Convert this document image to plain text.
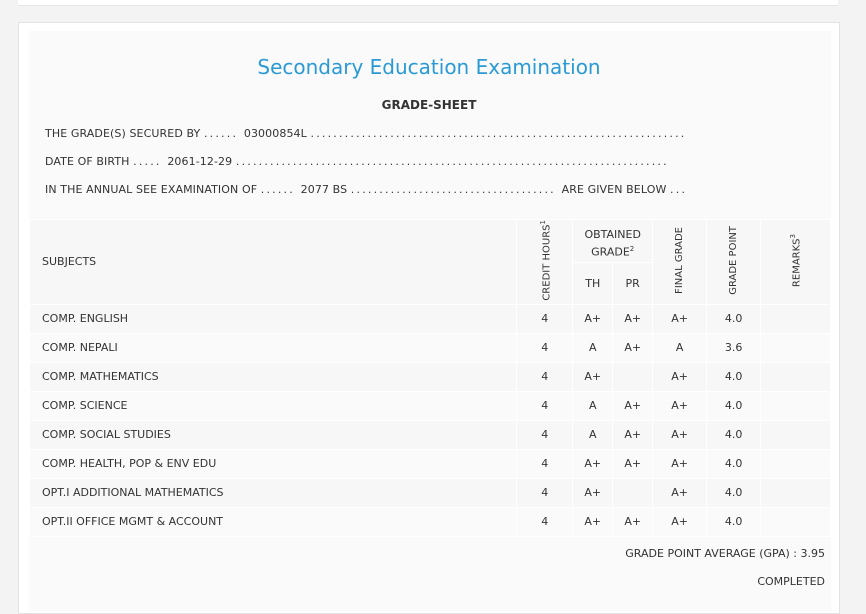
Secondary Education Examination
GRADE-SHEET
THE GRADE(S) SECURED BY ...... 03000854L ..................................................................
DATE OF BIRTH ..... 2061-12-29 ............................................................................
IN THE ANNUAL SEE EXAMINATION OF ...... 2077 BS .................................... ARE GIVEN BELOW ...
SUBJECTS	CREDIT HOURS$^1$	OBTAINED GRADE$^2$		FINAL GRADE	GRADE POINT	REMARKS$^3$
		TH	PR			
COMP. ENGLISH	4	A+	A+	A+	4.0	
COMP. NEPALI	4	A	A+	A	3.6	
COMP. MATHEMATICS	4	A+		A+	4.0	
COMP. SCIENCE	4	A	A+	A+	4.0	
COMP. SOCIAL STUDIES	4	A	A+	A+	4.0	
COMP. HEALTH, POP & ENV EDU	4	A+	A+	A+	4.0	
OPT.I ADDITIONAL MATHEMATICS	4	A+		A+	4.0	
OPT.II OFFICE MGMT & ACCOUNT	4	A+	A+	A+	4.0	
GRADE POINT AVERAGE (GPA) : 3.95
COMPLETED
